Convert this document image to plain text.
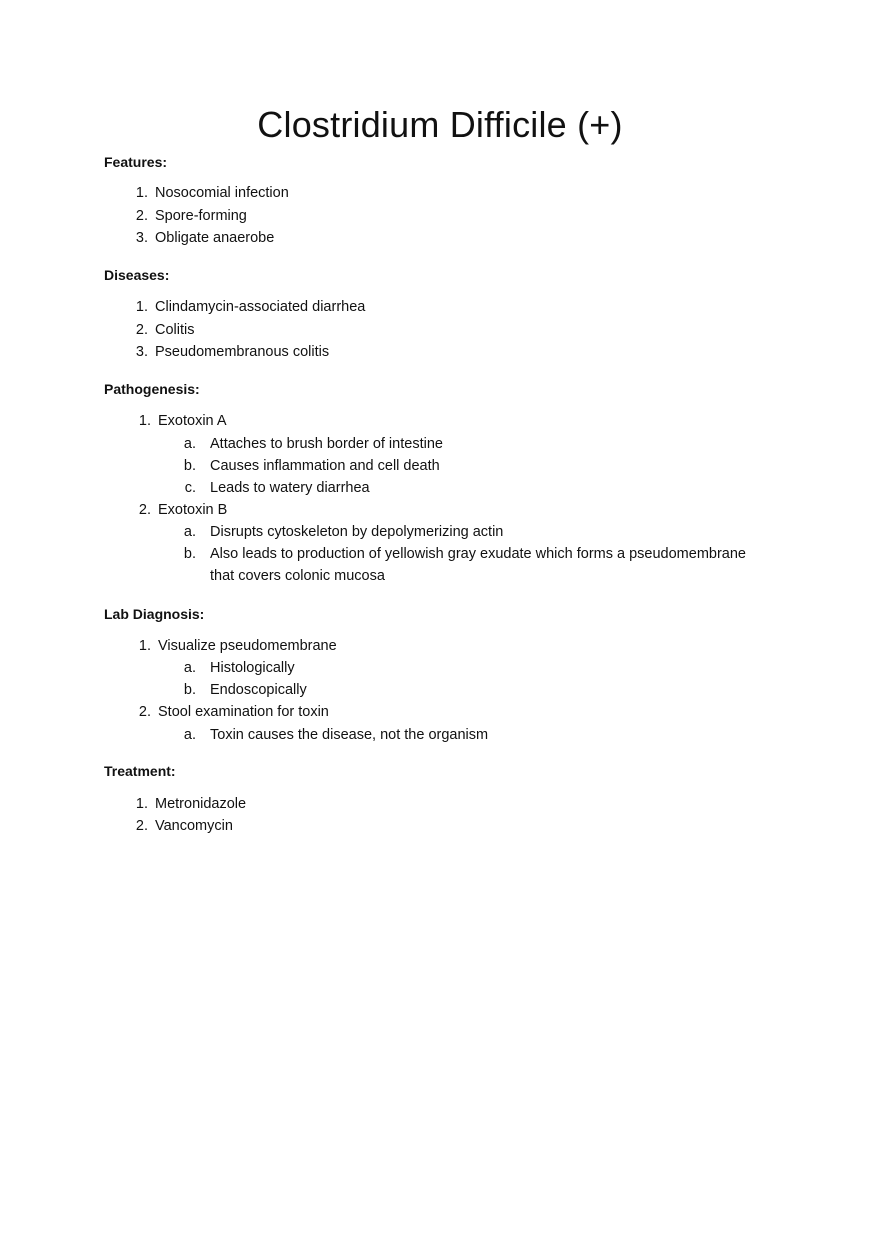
Clostridium Difficile (+)
Features:
1. Nosocomial infection
2. Spore-forming
3. Obligate anaerobe
Diseases:
1. Clindamycin-associated diarrhea
2. Colitis
3. Pseudomembranous colitis
Pathogenesis:
1. Exotoxin A
a. Attaches to brush border of intestine
b. Causes inflammation and cell death
c. Leads to watery diarrhea
2. Exotoxin B
a. Disrupts cytoskeleton by depolymerizing actin
b. Also leads to production of yellowish gray exudate which forms a pseudomembrane
that covers colonic mucosa
Lab Diagnosis:
1. Visualize pseudomembrane
a. Histologically
b. Endoscopically
2. Stool examination for toxin
a. Toxin causes the disease, not the organism
Treatment:
1. Metronidazole
2. Vancomycin
